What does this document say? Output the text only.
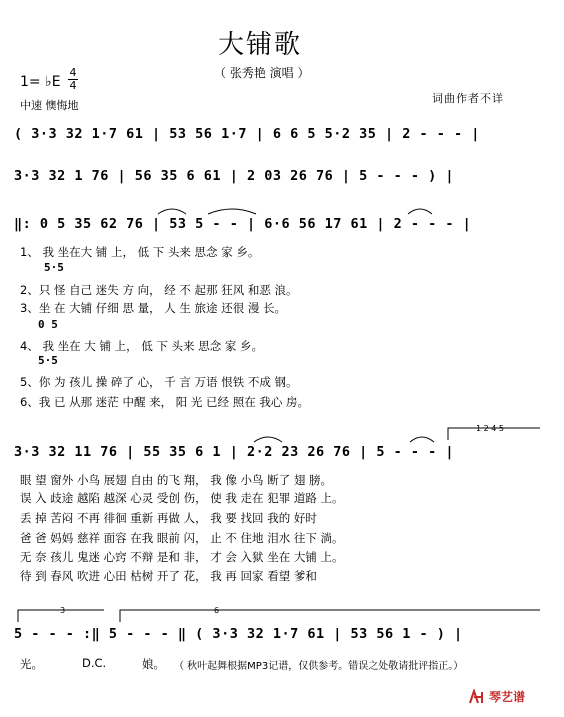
大铺歌
（ 张秀艳 演唱 ）
1= ♭E
4
4
中速 懊悔地
词曲作者不详
( 3·3 32 1·7 61 | 53 56 1·7 | 6 6 5 5·2 35 | 2 - - - |
3·3 32 1 76 | 56 35 6 61 | 2 03 26 76 | 5 - - - ) |
5·5
0 5
5·5
‖: 0 5 35 62 76 | 53 5 - - | 6·6 56 17 61 | 2 - - - |
1、 我 坐在大 铺 上， 低 下 头来 思念 家 乡。
2、只 怪 自己 迷失 方 向， 经 不 起那 狂风 和恶 浪。
3、坐 在 大铺 仔细 思 量， 人 生 旅途 还很 漫 长。
4、 我 坐在 大 铺 上， 低 下 头来 思念 家 乡。
5、你 为 孩儿 操 碎了 心， 千 言 万语 恨铁 不成 钢。
6、我 已 从那 迷茫 中醒 来， 阳 光 已经 照在 我心 房。
1 2 4 5
3·3 32 11 76 | 55 35 6 1 | 2·2 23 26 76 | 5 - - - |
眼 望 窗外 小鸟 展翅 自由 的飞 翔， 我 像 小鸟 断了 翅 膀。
误 入 歧途 越陷 越深 心灵 受创 伤， 使 我 走在 犯罪 道路 上。
丢 掉 苦闷 不再 徘徊 重新 再做 人， 我 要 找回 我的 好时
爸 爸 妈妈 慈祥 面容 在我 眼前 闪， 止 不 住地 泪水 往下 淌。
无 奈 孩儿 鬼迷 心窍 不辩 是和 非， 才 会 入狱 坐在 大铺 上。
待 到 春风 吹进 心田 枯树 开了 花， 我 再 回家 看望 爹和
3	6
5 - - - :‖ 5 - - - ‖ ( 3·3 32 1·7 61 | 53 56 1 - ) |
光。	D.C.	娘。 （ 秋叶起舞根据MP3记谱，仅供参考。错误之处敬请批评指正。）
琴艺谱
